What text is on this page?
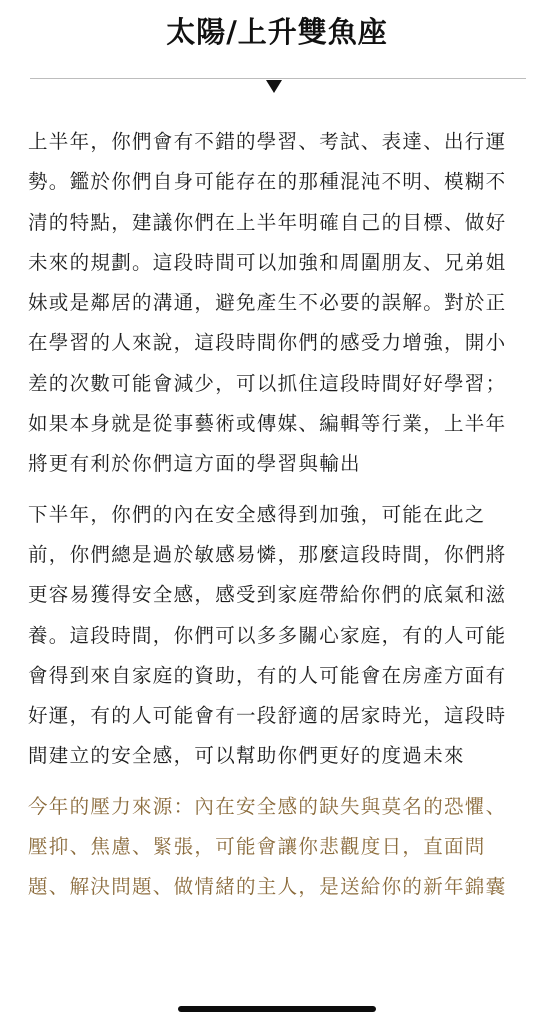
太陽/上升雙魚座

上半年，你們會有不錯的學習、考試、表達、出行運勢。鑑於你們自身可能存在的那種混沌不明、模糊不清的特點，建議你們在上半年明確自己的目標、做好未來的規劃。這段時間可以加強和周圍朋友、兄弟姐妹或是鄰居的溝通，避免產生不必要的誤解。對於正在學習的人來說，這段時間你們的感受力增強，開小差的次數可能會減少，可以抓住這段時間好好學習；如果本身就是從事藝術或傳媒、編輯等行業，上半年將更有利於你們這方面的學習與輸出

下半年，你們的內在安全感得到加強，可能在此之前，你們總是過於敏感易憐，那麼這段時間，你們將更容易獲得安全感，感受到家庭帶給你們的底氣和滋養。這段時間，你們可以多多關心家庭，有的人可能會得到來自家庭的資助，有的人可能會在房產方面有好運，有的人可能會有一段舒適的居家時光，這段時間建立的安全感，可以幫助你們更好的度過未來

今年的壓力來源：內在安全感的缺失與莫名的恐懼、壓抑、焦慮、緊張，可能會讓你悲觀度日，直面問題、解決問題、做情緒的主人，是送給你的新年錦囊
